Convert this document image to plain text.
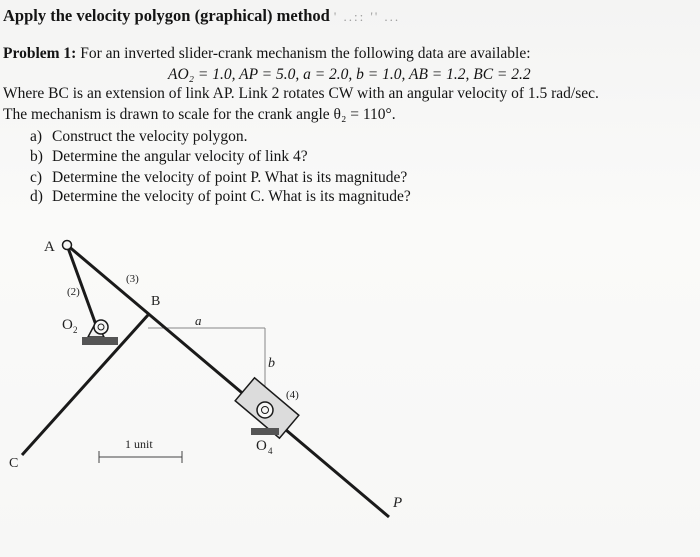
Apply the velocity polygon (graphical) method ' ..:: '' ...
Problem 1: For an inverted slider-crank mechanism the following data are available:
AO₂ = 1.0, AP = 5.0, a = 2.0, b = 1.0, AB = 1.2, BC = 2.2
Where BC is an extension of link AP. Link 2 rotates CW with an angular velocity of 1.5 rad/sec.
The mechanism is drawn to scale for the crank angle θ₂ = 110°.
a) Construct the velocity polygon.
b) Determine the angular velocity of link 4?
c) Determine the velocity of point P. What is its magnitude?
d) Determine the velocity of point C. What is its magnitude?
A
(2)
(3)
B
O 2
a
b
(4)
O 4
1 unit
C
P
